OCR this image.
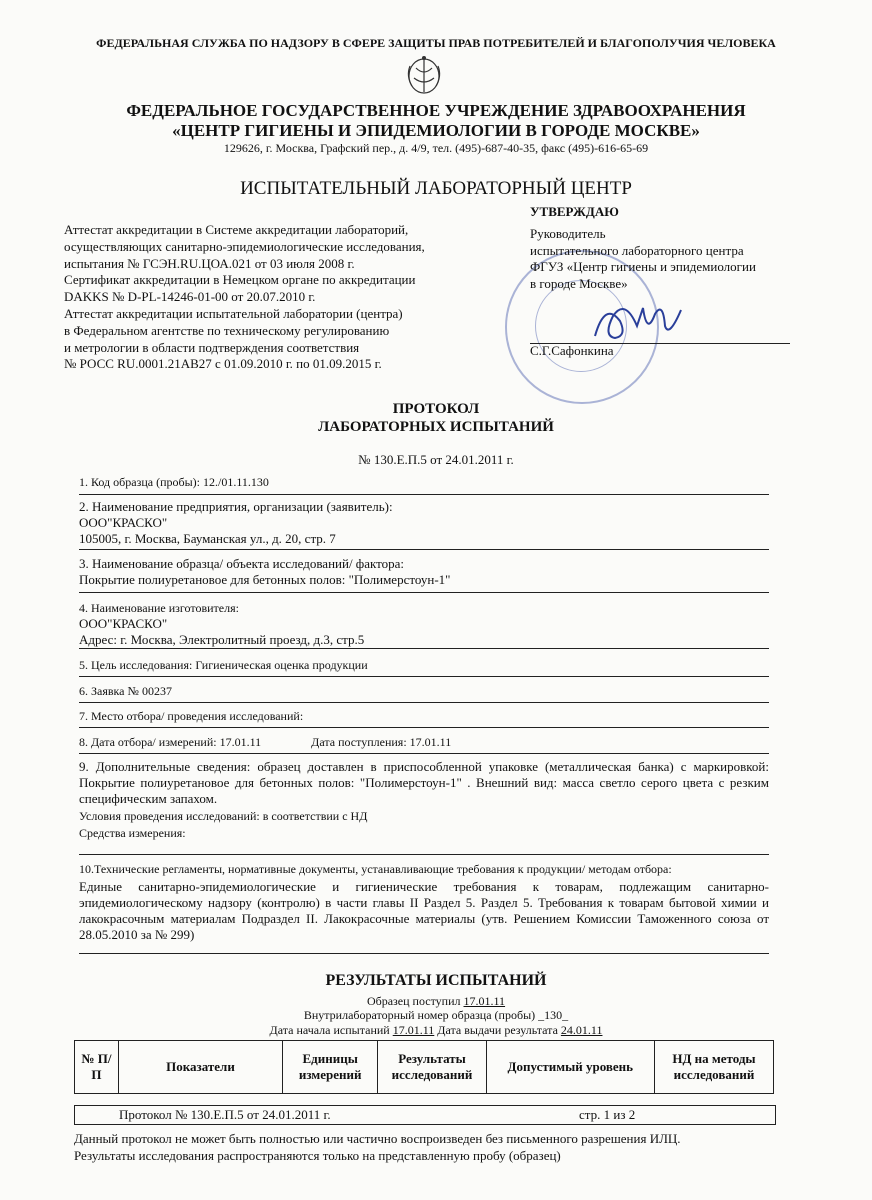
ФЕДЕРАЛЬНАЯ СЛУЖБА ПО НАДЗОРУ В СФЕРЕ ЗАЩИТЫ ПРАВ ПОТРЕБИТЕЛЕЙ И БЛАГОПОЛУЧИЯ ЧЕЛОВЕКА
ФЕДЕРАЛЬНОЕ ГОСУДАРСТВЕННОЕ УЧРЕЖДЕНИЕ ЗДРАВООХРАНЕНИЯ
«ЦЕНТР ГИГИЕНЫ И ЭПИДЕМИОЛОГИИ В ГОРОДЕ МОСКВЕ»
129626, г. Москва, Графский пер., д. 4/9, тел. (495)-687-40-35, факс (495)-616-65-69
ИСПЫТАТЕЛЬНЫЙ ЛАБОРАТОРНЫЙ ЦЕНТР
Аттестат аккредитации в Системе аккредитации лабораторий,
осуществляющих санитарно-эпидемиологические исследования,
испытания № ГСЭН.RU.ЦОА.021 от 03 июля 2008 г.
Сертификат аккредитации в Немецком органе по аккредитации
DAKKS № D-PL-14246-01-00 от 20.07.2010 г.
Аттестат аккредитации испытательной лаборатории (центра)
в Федеральном агентстве по техническому регулированию
и метрологии в области подтверждения соответствия
№ РОСС RU.0001.21АВ27 с 01.09.2010 г. по 01.09.2015 г.
УТВЕРЖДАЮ
Руководитель
испытательного лабораторного центра
ФГУЗ «Центр гигиены и эпидемиологии
в городе Москве»
С.Г.Сафонкина
ПРОТОКОЛ
ЛАБОРАТОРНЫХ ИСПЫТАНИЙ
№ 130.Е.П.5 от 24.01.2011 г.

1. Код образца (пробы): 12./01.11.130

2. Наименование предприятия, организации (заявитель):

ООО"КРАСКО"

105005, г. Москва, Бауманская ул., д. 20, стр. 7

3. Наименование образца/ объекта исследований/ фактора:

Покрытие полиуретановое для бетонных полов: "Полимерстоун-1"

4. Наименование изготовителя:

ООО"КРАСКО"

Адрес: г. Москва, Электролитный проезд, д.3, стр.5

5. Цель исследования: Гигиеническая оценка продукции

6. Заявка № 00237

7. Место отбора/ проведения исследований:

8. Дата отбора/ измерений: 17.01.11	Дата поступления: 17.01.11

9. Дополнительные сведения: образец доставлен в приспособленной упаковке (металлическая банка) с маркировкой: Покрытие полиуретановое для бетонных полов: "Полимерстоун-1" . Внешний вид: масса светло серого цвета с резким специфическим запахом.

Условия проведения исследований: в соответствии с НД

Средства измерения:

10.Технические регламенты, нормативные документы, устанавливающие требования к продукции/ методам отбора:

Единые санитарно-эпидемиологические и гигиенические требования к товарам, подлежащим санитарно-эпидемиологическому надзору (контролю) в части главы II Раздел 5. Раздел 5. Требования к товарам бытовой химии и лакокрасочным материалам Подраздел II. Лакокрасочные материалы (утв. Решением Комиссии Таможенного союза от 28.05.2010 за № 299)

РЕЗУЛЬТАТЫ ИСПЫТАНИЙ
Образец поступил 17.01.11
Внутрилабораторный номер образца (пробы) _130_
Дата начала испытаний 17.01.11 Дата выдачи результата 24.01.11
№ П/П	Показатели	Единицы измерений	Результаты исследований	Допустимый уровень	НД на методы исследований
Протокол № 130.Е.П.5 от 24.01.2011 г.	стр. 1 из 2
Данный протокол не может быть полностью или частично воспроизведен без письменного разрешения ИЛЦ.
Результаты исследования распространяются только на представленную пробу (образец)
